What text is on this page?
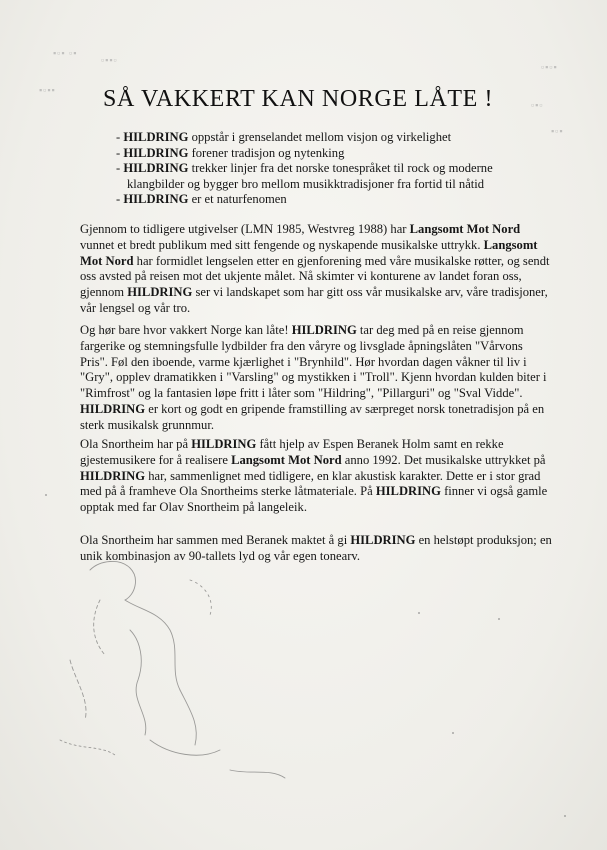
▪▫ ▪▫▪
▫▪▪▫
▪▪▫▪
▪▫▪▫
▫▪▫
▪▫▪
SÅ VAKKERT KAN NORGE LÅTE !
- HILDRING oppstår i grenselandet mellom visjon og virkelighet
- HILDRING forener tradisjon og nytenking
- HILDRING trekker linjer fra det norske tonespråket til rock og moderne
klangbilder og bygger bro mellom musikktradisjoner fra fortid til nåtid
- HILDRING er et naturfenomen
Gjennom to tidligere utgivelser (LMN 1985, Westvreg 1988) har Langsomt Mot Nord
vunnet et bredt publikum med sitt fengende og nyskapende musikalske uttrykk. Langsomt
Mot Nord har formidlet lengselen etter en gjenforening med våre musikalske røtter, og sendt
oss avsted på reisen mot det ukjente målet. Nå skimter vi konturene av landet foran oss,
gjennom HILDRING ser vi landskapet som har gitt oss vår musikalske arv, våre tradisjoner,
vår lengsel og vår tro.
Og hør bare hvor vakkert Norge kan låte! HILDRING tar deg med på en reise gjennom
fargerike og stemningsfulle lydbilder fra den våryre og livsglade åpningslåten "Vårvons
Pris". Føl den iboende, varme kjærlighet i "Brynhild". Hør hvordan dagen våkner til liv i
"Gry", opplev dramatikken i "Varsling" og mystikken i "Troll". Kjenn hvordan kulden biter i
"Rimfrost" og la fantasien løpe fritt i låter som "Hildring", "Pillarguri" og "Sval Vidde".
HILDRING er kort og godt en gripende framstilling av særpreget norsk tonetradisjon på en
sterk musikalsk grunnmur.
Ola Snortheim har på HILDRING fått hjelp av Espen Beranek Holm samt en rekke
gjestemusikere for å realisere Langsomt Mot Nord anno 1992. Det musikalske uttrykket på
HILDRING har, sammenlignet med tidligere, en klar akustisk karakter. Dette er i stor grad
med på å framheve Ola Snortheims sterke låtmateriale. På HILDRING finner vi også gamle
opptak med far Olav Snortheim på langeleik.
Ola Snortheim har sammen med Beranek maktet å gi HILDRING en helstøpt produksjon; en
unik kombinasjon av 90-tallets lyd og vår egen tonearv.
